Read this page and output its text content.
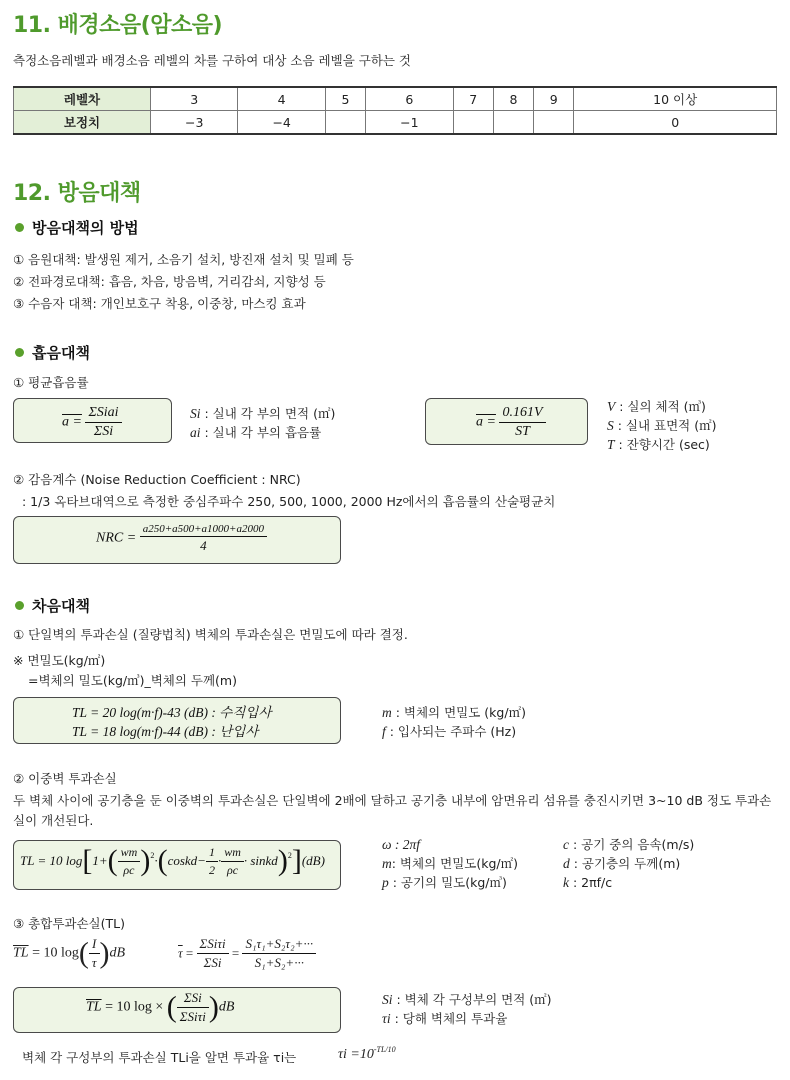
11. 배경소음(암소음)
측정소음레벨과 배경소음 레벨의 차를 구하여 대상 소음 레벨을 구하는 것
레벨차	3	4	5	6	7	8	9	10 이상
보정치	−3	−4		−1				0
12. 방음대책
방음대책의 방법
① 음원대책: 발생원 제거, 소음기 설치, 방진재 설치 및 밀폐 등
② 전파경로대책: 흡음, 차음, 방음벽, 거리감쇠, 지향성 등
③ 수음자 대책: 개인보호구 착용, 이중창, 마스킹 효과
흡음대책
① 평균흡음률
$a = \frac{\text{ΣSiai}}{\text{ΣSi}}$	Si : 실내 각 부의 면적 (㎡)
ai : 실내 각 부의 흡음률
$a = \frac{0.161V}{ST}$	V : 실의 체적 (㎥)
S : 실내 표면적 (㎡)
T : 잔향시간 (sec)
② 감음계수 (Noise Reduction Coefficient : NRC)
: 1/3 옥타브대역으로 측정한 중심주파수 250, 500, 1000, 2000 Hz에서의 흡음률의 산술평균치
NRC = $\frac{a250+a500+a1000+a2000}{4}$
차음대책
① 단일벽의 투과손실 (질량법칙) 벽체의 투과손실은 면밀도에 따라 결정.
※ 면밀도(kg/㎡)
=벽체의 밀도(kg/㎥)_벽체의 두께(m)
TL = 20 log(m·f)-43 (dB) : 수직입사
TL = 18 log(m·f)-44 (dB) : 난입사
m : 벽체의 면밀도 (kg/㎡)
f : 입사되는 주파수 (Hz)
② 이중벽 투과손실
두 벽체 사이에 공기층을 둔 이중벽의 투과손실은 단일벽에 2배에 달하고 공기층 내부에 암면유리 섬유를 충진시키면 3~10 dB 정도 투과손실이 개선된다.
TL = 10 $\log[1+( \frac{wm}{\rho c}$ )$^2\cdot(coskd- \frac{1}{2} \cdot \frac{wm}{\rho c}$ · sinkd)$^2$](dB)
ω : 2πf
m: 벽체의 면밀도(kg/㎡)
p : 공기의 밀도(kg/㎥)
c : 공기 중의 음속(m/s)
d : 공기층의 두께(m)
k : 2πf/c
③ 총합투과손실(TL)
$\overline{TL} = 10$ $\log( \frac{I}{\tau} )dB$	$\overline{\tau} = \frac{\text{ΣSiτi}}{\text{ΣSi}} = \frac{\text{S₁τ₁+S₂τ₂+···}}{\text{S₁+S₂+···}}$
$\overline{TL} = 10$ log × ( $\frac{\text{ΣSi}}{\text{ΣSiτi}} )dB$	Si : 벽체 각 구성부의 면적 (㎡)
τi : 당해 벽체의 투과율
벽체 각 구성부의 투과손실 TLi을 알면 투과율 τi는	$\tau i =10^{-TL/10}$
